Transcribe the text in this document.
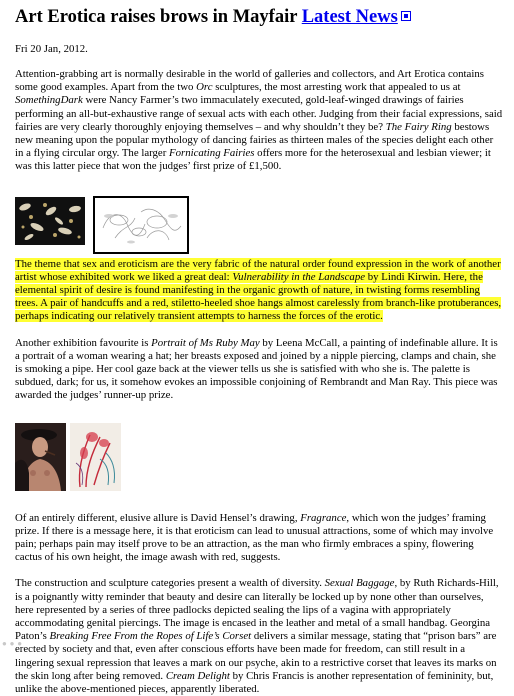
Art Erotica raises brows in Mayfair Latest News
Fri 20 Jan, 2012.

Attention-grabbing art is normally desirable in the world of galleries and collectors, and Art Erotica contains some good examples. Apart from the two Orc sculptures, the most arresting work that appealed to us at SomethingDark were Nancy Farmer’s two immaculately executed, gold-leaf-winged drawings of fairies performing an all-but-exhaustive range of sexual acts with each other. Judging from their facial expressions, said fairies are very clearly thoroughly enjoying themselves – and why shouldn’t they be? The Fairy Ring bestows new meaning upon the popular mythology of dancing fairies as thirteen males of the species delight each other in a flying circular orgy. The larger Fornicating Fairies offers more for the heterosexual and lesbian viewer; it was this latter piece that won the judges’ first prize of £1,500.

The theme that sex and eroticism are the very fabric of the natural order found expression in the work of another artist whose exhibited work we liked a great deal: Vulnerability in the Landscape by Lindi Kirwin. Here, the elemental spirit of desire is found manifesting in the organic growth of nature, in twisting forms resembling trees. A pair of handcuffs and a red, stiletto-heeled shoe hangs almost carelessly from branch-like protuberances, perhaps indicating our relatively transient attempts to harness the forces of the erotic.

Another exhibition favourite is Portrait of Ms Ruby May by Leena McCall, a painting of indefinable allure. It is a portrait of a woman wearing a hat; her breasts exposed and joined by a nipple piercing, clamps and chain, she is smoking a pipe. Her cool gaze back at the viewer tells us she is satisfied with who she is. The palette is subdued, dark; for us, it somehow evokes an impossible conjoining of Rembrandt and Man Ray. This piece was awarded the judges’ runner-up prize.

Of an entirely different, elusive allure is David Hensel’s drawing, Fragrance, which won the judges’ framing prize. If there is a message here, it is that eroticism can lead to unusual attractions, some of which may involve pain; perhaps pain may itself prove to be an attraction, as the man who firmly embraces a spiny, flowering cactus of his own height, the image awash with red, suggests.

The construction and sculpture categories present a wealth of diversity. Sexual Baggage, by Ruth Richards-Hill, is a poignantly witty reminder that beauty and desire can literally be locked up by none other than ourselves, here represented by a series of three padlocks depicted sealing the lips of a vagina with appropriately accommodating genital piercings. The image is encased in the leather and metal of a small handbag. Georgina Paton’s Breaking Free From the Ropes of Life’s Corset delivers a similar message, stating that “prison bars” are erected by society and that, even after conscious efforts have been made for freedom, can still result in a lingering sexual repression that leaves a mark on our psyche, akin to a restrictive corset that leaves its marks on the skin long after being removed. Cream Delight by Chris Francis is another representation of femininity, but, unlike the above-mentioned pieces, apparently liberated.

● ● ●
